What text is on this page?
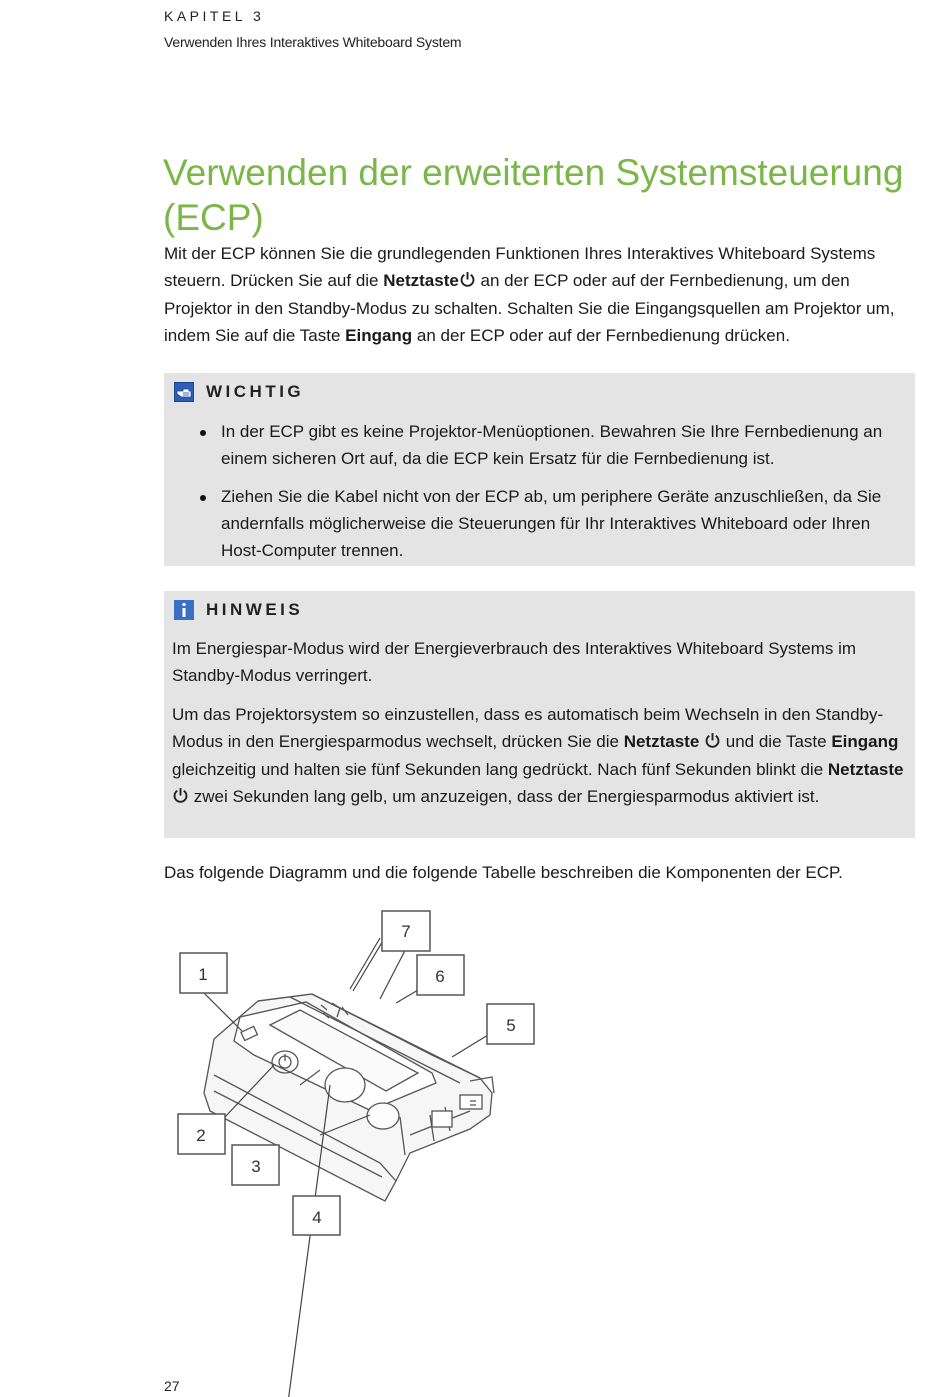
KAPITEL 3
Verwenden Ihres Interaktives Whiteboard System
Verwenden der erweiterten Systemsteuerung (ECP)

Mit der ECP können Sie die grundlegenden Funktionen Ihres Interaktives Whiteboard Systems steuern. Drücken Sie auf die Netztaste an der ECP oder auf der Fernbedienung, um den Projektor in den Standby-Modus zu schalten. Schalten Sie die Eingangsquellen am Projektor um, indem Sie auf die Taste Eingang an der ECP oder auf der Fernbedienung drücken.

WICHTIG
In der ECP gibt es keine Projektor-Menüoptionen. Bewahren Sie Ihre Fernbedienung an einem sicheren Ort auf, da die ECP kein Ersatz für die Fernbedienung ist.
Ziehen Sie die Kabel nicht von der ECP ab, um periphere Geräte anzuschließen, da Sie andernfalls möglicherweise die Steuerungen für Ihr Interaktives Whiteboard oder Ihren Host-Computer trennen.
HINWEIS

Im Energiespar-Modus wird der Energieverbrauch des Interaktives Whiteboard Systems im Standby-Modus verringert.

Um das Projektorsystem so einzustellen, dass es automatisch beim Wechseln in den Standby-Modus in den Energiesparmodus wechselt, drücken Sie die Netztaste  und die Taste Eingang gleichzeitig und halten sie fünf Sekunden lang gedrückt. Nach fünf Sekunden blinkt die Netztaste zwei Sekunden lang gelb, um anzuzeigen, dass der Energiesparmodus aktiviert ist.

Das folgende Diagramm und die folgende Tabelle beschreiben die Komponenten der ECP.

1
2
3
4
5
6
7
27
